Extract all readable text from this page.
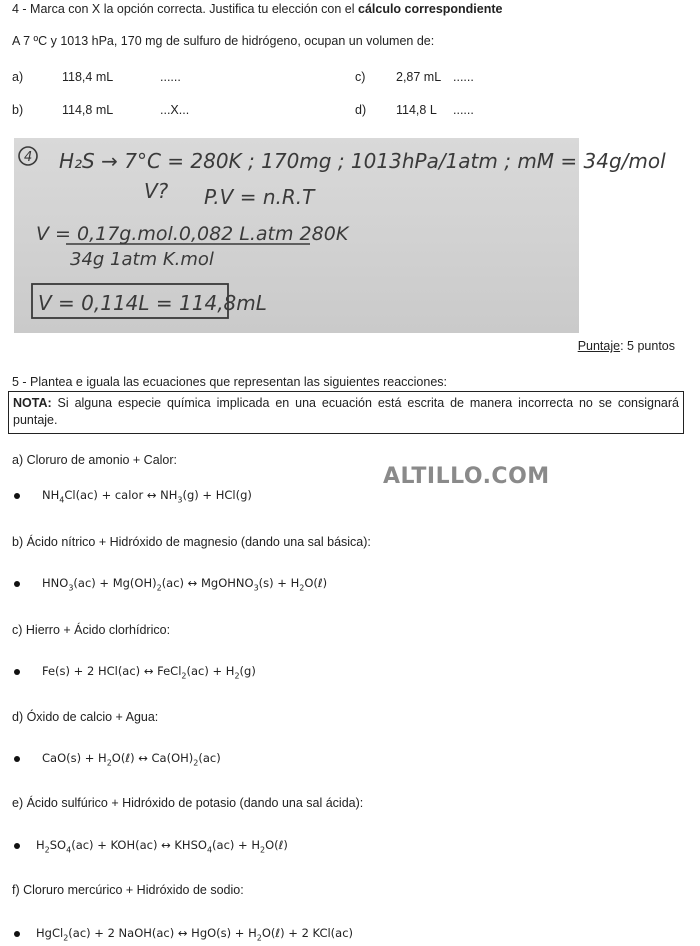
4 - Marca con X la opción correcta. Justifica tu elección con el cálculo correspondiente
A 7 ºC y 1013 hPa, 170 mg de sulfuro de hidrógeno, ocupan un volumen de:
a)	118,4 mL	......	c) 2,87 mL ......
b)	114,8 mL	...X...	d) 114,8 L ......
4 H₂S → 7°C = 280K ; 170mg ; 1013hPa/1atm ; mM = 34g/mol
V? P.V = n.R.T
V = 0,17g.mol.0,082 L.atm 280K
34g 1atm K.mol
V = 0,114L = 114,8mL
Puntaje: 5 puntos
5 - Plantea e iguala las ecuaciones que representan las siguientes reacciones:
NOTA: Si alguna especie química implicada en una ecuación está escrita de manera incorrecta no se consignará puntaje.
ALTILLO.COM
a) Cloruro de amonio + Calor:
$NH_4Cl(ac)$ + calor ↔ $NH_3(g) + HCl(g)$
b) Ácido nítrico + Hidróxido de magnesio (dando una sal básica):
$HNO_3(ac) + Mg(OH)_2(ac)$ ↔ MgOHNO$_3$(s) + $H_2O(\ell)$
c) Hierro + Ácido clorhídrico:
Fe(s) + 2 HCl(ac) ↔ FeCl$_2$(ac) + $H_2(g)$
d) Óxido de calcio + Agua:
$CaO(s) + H_2O(\ell)$ ↔ $Ca(OH)_2(ac)$
e) Ácido sulfúrico + Hidróxido de potasio (dando una sal ácida):
$H_2SO_4(ac) + KOH(ac)$ ↔ $KHSO_4(ac)$ + $H_2O(\ell)$
f) Cloruro mercúrico + Hidróxido de sodio:
HgCl$_2$(ac) + 2 NaOH(ac) ↔ $HgO(s) + H_2O(\ell) + 2$ KCl(ac)
